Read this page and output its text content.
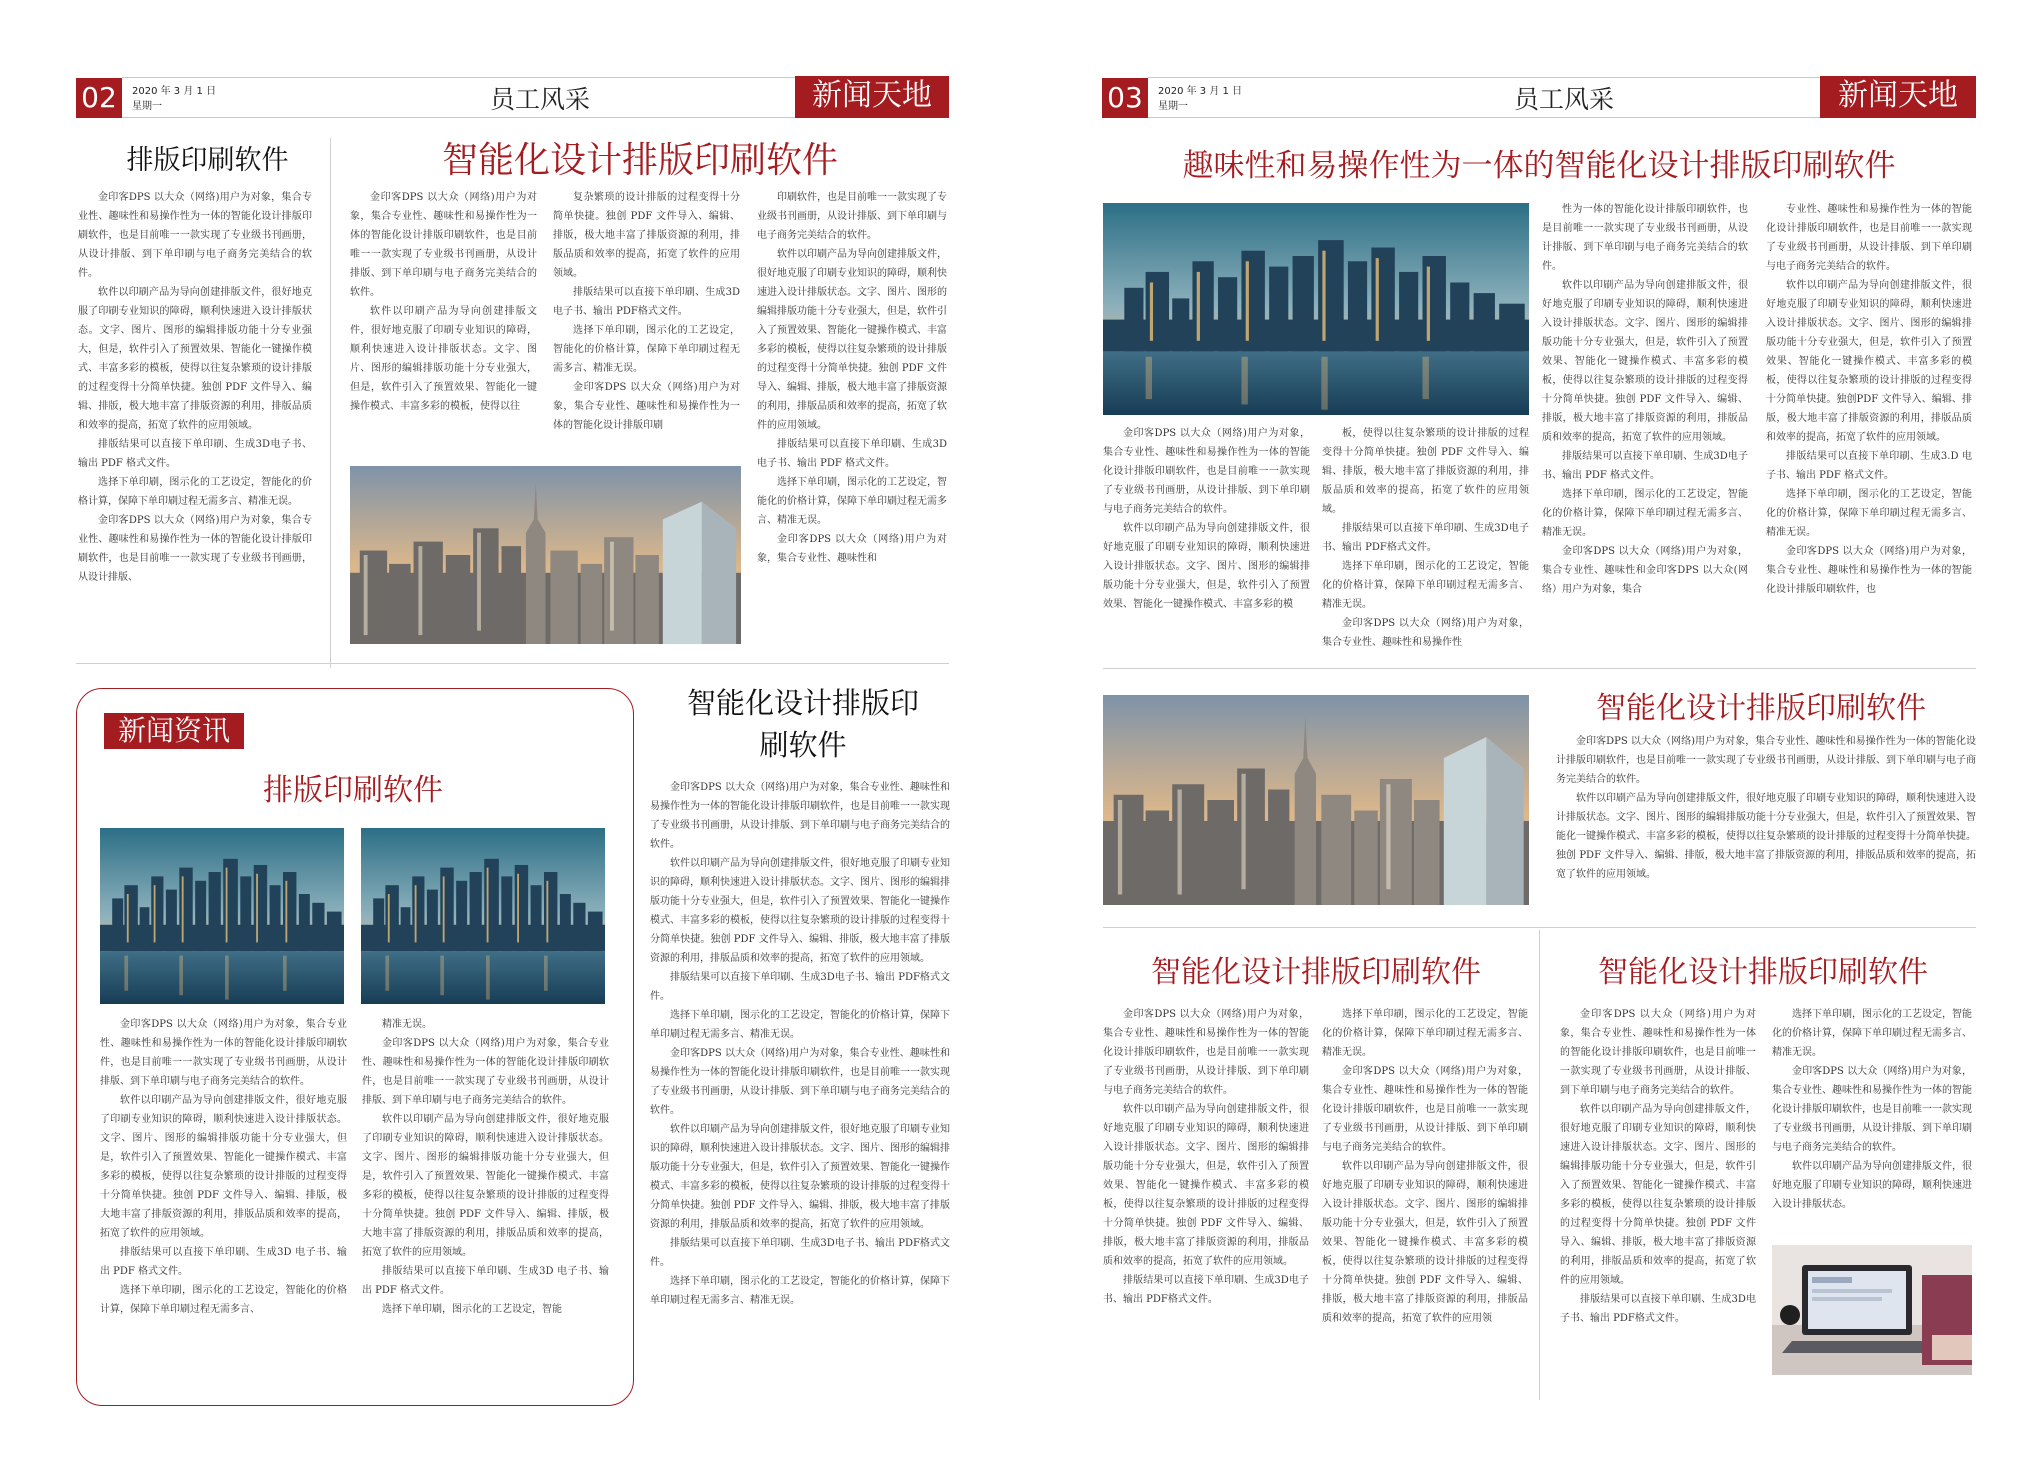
02	2020 年 3 月 1 日
星期一	员工风采	新闻天地
排版印刷软件

金印客DPS 以大众（网络)用户为对象，集合专业性、趣味性和易操作性为一体的智能化设计排版印刷软件，也是目前唯一一款实现了专业级书刊画册，从设计排版、到下单印刷与电子商务完美结合的软件。

软件以印刷产品为导向创建排版文件，很好地克服了印刷专业知识的障碍，顺利快速进入设计排版状态。文字、图片、图形的编辑排版功能十分专业强大，但是，软件引入了预置效果、智能化一键操作模式、丰富多彩的模板，使得以往复杂繁琐的设计排版的过程变得十分简单快捷。独创 PDF 文件导入、编辑、排版，极大地丰富了排版资源的利用，排版品质和效率的提高，拓宽了软件的应用领域。

排版结果可以直接下单印刷、生成3D电子书、输出 PDF 格式文件。

选择下单印刷，图示化的工艺设定，智能化的价格计算，保障下单印刷过程无需多言、精准无误。

金印客DPS 以大众（网络)用户为对象，集合专业性、趣味性和易操作性为一体的智能化设计排版印刷软件，也是目前唯一一款实现了专业级书刊画册，从设计排版、

智能化设计排版印刷软件

金印客DPS 以大众（网络)用户为对象，集合专业性、趣味性和易操作性为一体的智能化设计排版印刷软件，也是目前唯一一款实现了专业级书刊画册，从设计排版、到下单印刷与电子商务完美结合的软件。

软件以印刷产品为导向创建排版文件，很好地克服了印刷专业知识的障碍，顺利快速进入设计排版状态。文字、图片、图形的编辑排版功能十分专业强大，但是，软件引入了预置效果、智能化一键操作模式、丰富多彩的模板，使得以往

复杂繁琐的设计排版的过程变得十分简单快捷。独创 PDF 文件导入、编辑、排版，极大地丰富了排版资源的利用，排版品质和效率的提高，拓宽了软件的应用领域。

排版结果可以直接下单印刷、生成3D 电子书、输出 PDF格式文件。

选择下单印刷，图示化的工艺设定，智能化的价格计算，保障下单印刷过程无需多言、精准无误。

金印客DPS 以大众（网络)用户为对象，集合专业性、趣味性和易操作性为一体的智能化设计排版印刷

印刷软件，也是目前唯一一款实现了专业级书刊画册，从设计排版、到下单印刷与电子商务完美结合的软件。

软件以印刷产品为导向创建排版文件，很好地克服了印刷专业知识的障碍，顺利快速进入设计排版状态。文字、图片、图形的编辑排版功能十分专业强大，但是，软件引入了预置效果、智能化一键操作模式、丰富多彩的模板，使得以往复杂繁琐的设计排版的过程变得十分简单快捷。独创 PDF 文件导入、编辑、排版，极大地丰富了排版资源的利用，排版品质和效率的提高，拓宽了软件的应用领域。

排版结果可以直接下单印刷、生成3D电子书、输出 PDF 格式文件。

选择下单印刷，图示化的工艺设定，智能化的价格计算，保障下单印刷过程无需多言、精准无误。

金印客DPS 以大众（网络)用户为对象，集合专业性、趣味性和

新闻资讯
排版印刷软件

金印客DPS 以大众（网络)用户为对象，集合专业性、趣味性和易操作性为一体的智能化设计排版印刷软件，也是目前唯一一款实现了专业级书刊画册，从设计排版、到下单印刷与电子商务完美结合的软件。

软件以印刷产品为导向创建排版文件，很好地克服了印刷专业知识的障碍，顺利快速进入设计排版状态。文字、图片、图形的编辑排版功能十分专业强大，但是，软件引入了预置效果、智能化一键操作模式、丰富多彩的模板，使得以往复杂繁琐的设计排版的过程变得十分简单快捷。独创 PDF 文件导入、编辑、排版，极大地丰富了排版资源的利用，排版品质和效率的提高，拓宽了软件的应用领域。

排版结果可以直接下单印刷、生成3D 电子书、输出 PDF 格式文件。

选择下单印刷，图示化的工艺设定，智能化的价格计算，保障下单印刷过程无需多言、

精准无误。

金印客DPS 以大众（网络)用户为对象，集合专业性、趣味性和易操作性为一体的智能化设计排版印刷软件，也是目前唯一一款实现了专业级书刊画册，从设计排版、到下单印刷与电子商务完美结合的软件。

软件以印刷产品为导向创建排版文件，很好地克服了印刷专业知识的障碍，顺利快速进入设计排版状态。文字、图片、图形的编辑排版功能十分专业强大，但是，软件引入了预置效果、智能化一键操作模式、丰富多彩的模板，使得以往复杂繁琐的设计排版的过程变得十分简单快捷。独创 PDF 文件导入、编辑、排版，极大地丰富了排版资源的利用，排版品质和效率的提高，拓宽了软件的应用领域。

排版结果可以直接下单印刷、生成3D 电子书、输出 PDF 格式文件。

选择下单印刷，图示化的工艺设定，智能

智能化设计排版印
刷软件

金印客DPS 以大众（网络)用户为对象，集合专业性、趣味性和易操作性为一体的智能化设计排版印刷软件，也是目前唯一一款实现了专业级书刊画册，从设计排版、到下单印刷与电子商务完美结合的软件。

软件以印刷产品为导向创建排版文件，很好地克服了印刷专业知识的障碍，顺利快速进入设计排版状态。文字、图片、图形的编辑排版功能十分专业强大，但是，软件引入了预置效果、智能化一键操作模式、丰富多彩的模板，使得以往复杂繁琐的设计排版的过程变得十分简单快捷。独创 PDF 文件导入、编辑、排版，极大地丰富了排版资源的利用，排版品质和效率的提高，拓宽了软件的应用领域。

排版结果可以直接下单印刷、生成3D电子书、输出 PDF格式文件。

选择下单印刷，图示化的工艺设定，智能化的价格计算，保障下单印刷过程无需多言、精准无误。

金印客DPS 以大众（网络)用户为对象，集合专业性、趣味性和易操作性为一体的智能化设计排版印刷软件，也是目前唯一一款实现了专业级书刊画册，从设计排版、到下单印刷与电子商务完美结合的软件。

软件以印刷产品为导向创建排版文件，很好地克服了印刷专业知识的障碍，顺利快速进入设计排版状态。文字、图片、图形的编辑排版功能十分专业强大，但是，软件引入了预置效果、智能化一键操作模式、丰富多彩的模板，使得以往复杂繁琐的设计排版的过程变得十分简单快捷。独创 PDF 文件导入、编辑、排版，极大地丰富了排版资源的利用，排版品质和效率的提高，拓宽了软件的应用领域。

排版结果可以直接下单印刷、生成3D电子书、输出 PDF格式文件。

选择下单印刷，图示化的工艺设定，智能化的价格计算，保障下单印刷过程无需多言、精准无误。

03	2020 年 3 月 1 日
星期一	员工风采	新闻天地
趣味性和易操作性为一体的智能化设计排版印刷软件

金印客DPS 以大众（网络)用户为对象，集合专业性、趣味性和易操作性为一体的智能化设计排版印刷软件，也是目前唯一一款实现了专业级书刊画册，从设计排版、到下单印刷与电子商务完美结合的软件。

软件以印刷产品为导向创建排版文件，很好地克服了印刷专业知识的障碍，顺利快速进入设计排版状态。文字、图片、图形的编辑排版功能十分专业强大，但是，软件引入了预置效果、智能化一键操作模式、丰富多彩的模

板，使得以往复杂繁琐的设计排版的过程变得十分简单快捷。独创 PDF 文件导入、编辑、排版，极大地丰富了排版资源的利用，排版品质和效率的提高，拓宽了软件的应用领域。

排版结果可以直接下单印刷、生成3D电子书、输出 PDF格式文件。

选择下单印刷，图示化的工艺设定，智能化的价格计算，保障下单印刷过程无需多言、精准无误。

金印客DPS 以大众（网络)用户为对象，集合专业性、趣味性和易操作性

性为一体的智能化设计排版印刷软件，也是目前唯一一款实现了专业级书刊画册，从设计排版、到下单印刷与电子商务完美结合的软件。

软件以印刷产品为导向创建排版文件，很好地克服了印刷专业知识的障碍，顺利快速进入设计排版状态。文字、图片、图形的编辑排版功能十分专业强大，但是，软件引入了预置效果、智能化一键操作模式、丰富多彩的模板，使得以往复杂繁琐的设计排版的过程变得十分简单快捷。独创 PDF 文件导入、编辑、排版，极大地丰富了排版资源的利用，排版品质和效率的提高，拓宽了软件的应用领域。

排版结果可以直接下单印刷、生成3D电子书、输出 PDF 格式文件。

选择下单印刷，图示化的工艺设定，智能化的价格计算，保障下单印刷过程无需多言、精准无误。

金印客DPS 以大众（网络)用户为对象，集合专业性、趣味性和金印客DPS 以大众(网络）用户为对象，集合

专业性、趣味性和易操作性为一体的智能化设计排版印刷软件，也是目前唯一一款实现了专业级书刊画册，从设计排版、到下单印刷与电子商务完美结合的软件。

软件以印刷产品为导向创建排版文件，很好地克服了印刷专业知识的障碍，顺利快速进入设计排版状态。文字、图片、图形的编辑排版功能十分专业强大，但是，软件引入了预置效果、智能化一键操作模式、丰富多彩的模板，使得以往复杂繁琐的设计排版的过程变得十分简单快捷。独创PDF 文件导入、编辑、排版，极大地丰富了排版资源的利用，排版品质和效率的提高，拓宽了软件的应用领域。

排版结果可以直接下单印刷、生成3.D 电子书、输出 PDF 格式文件。

选择下单印刷，图示化的工艺设定，智能化的价格计算，保障下单印刷过程无需多言、精准无误。

金印客DPS 以大众（网络)用户为对象，集合专业性、趣味性和易操作性为一体的智能化设计排版印刷软件，也

智能化设计排版印刷软件

金印客DPS 以大众（网络)用户为对象，集合专业性、趣味性和易操作性为一体的智能化设计排版印刷软件，也是目前唯一一款实现了专业级书刊画册，从设计排版、到下单印刷与电子商务完美结合的软件。

软件以印刷产品为导向创建排版文件，很好地克服了印刷专业知识的障碍，顺利快速进入设计排版状态。文字、图片、图形的编辑排版功能十分专业强大，但是，软件引入了预置效果、智能化一键操作模式、丰富多彩的模板，使得以往复杂繁琐的设计排版的过程变得十分简单快捷。独创 PDF 文件导入、编辑、排版，极大地丰富了排版资源的利用，排版品质和效率的提高，拓宽了软件的应用领域。

智能化设计排版印刷软件

金印客DPS 以大众（网络)用户为对象，集合专业性、趣味性和易操作性为一体的智能化设计排版印刷软件，也是目前唯一一款实现了专业级书刊画册，从设计排版、到下单印刷与电子商务完美结合的软件。

软件以印刷产品为导向创建排版文件，很好地克服了印刷专业知识的障碍，顺利快速进入设计排版状态。文字、图片、图形的编辑排版功能十分专业强大，但是，软件引入了预置效果、智能化一键操作模式、丰富多彩的模板，使得以往复杂繁琐的设计排版的过程变得十分简单快捷。独创 PDF 文件导入、编辑、排版，极大地丰富了排版资源的利用，排版品质和效率的提高，拓宽了软件的应用领域。

排版结果可以直接下单印刷、生成3D电子书、输出 PDF格式文件。

选择下单印刷，图示化的工艺设定，智能化的价格计算，保障下单印刷过程无需多言、精准无误。

金印客DPS 以大众（网络)用户为对象，集合专业性、趣味性和易操作性为一体的智能化设计排版印刷软件，也是目前唯一一款实现了专业级书刊画册，从设计排版、到下单印刷与电子商务完美结合的软件。

软件以印刷产品为导向创建排版文件，很好地克服了印刷专业知识的障碍，顺利快速进入设计排版状态。文字、图片、图形的编辑排版功能十分专业强大，但是，软件引入了预置效果、智能化一键操作模式、丰富多彩的模板，使得以往复杂繁琐的设计排版的过程变得十分简单快捷。独创 PDF 文件导入、编辑、排版，极大地丰富了排版资源的利用，排版品质和效率的提高，拓宽了软件的应用领

智能化设计排版印刷软件

金印客DPS 以大众（网络)用户为对象，集合专业性、趣味性和易操作性为一体的智能化设计排版印刷软件，也是目前唯一一款实现了专业级书刊画册，从设计排版、到下单印刷与电子商务完美结合的软件。

软件以印刷产品为导向创建排版文件，很好地克服了印刷专业知识的障碍，顺利快速进入设计排版状态。文字、图片、图形的编辑排版功能十分专业强大，但是，软件引入了预置效果、智能化一键操作模式、丰富多彩的模板，使得以往复杂繁琐的设计排版的过程变得十分简单快捷。独创 PDF 文件导入、编辑、排版，极大地丰富了排版资源的利用，排版品质和效率的提高，拓宽了软件的应用领域。

排版结果可以直接下单印刷、生成3D电子书、输出 PDF格式文件。

选择下单印刷，图示化的工艺设定，智能化的价格计算，保障下单印刷过程无需多言、精准无误。

金印客DPS 以大众（网络)用户为对象，集合专业性、趣味性和易操作性为一体的智能化设计排版印刷软件，也是目前唯一一款实现了专业级书刊画册，从设计排版、到下单印刷与电子商务完美结合的软件。

软件以印刷产品为导向创建排版文件，很好地克服了印刷专业知识的障碍，顺利快速进入设计排版状态。
